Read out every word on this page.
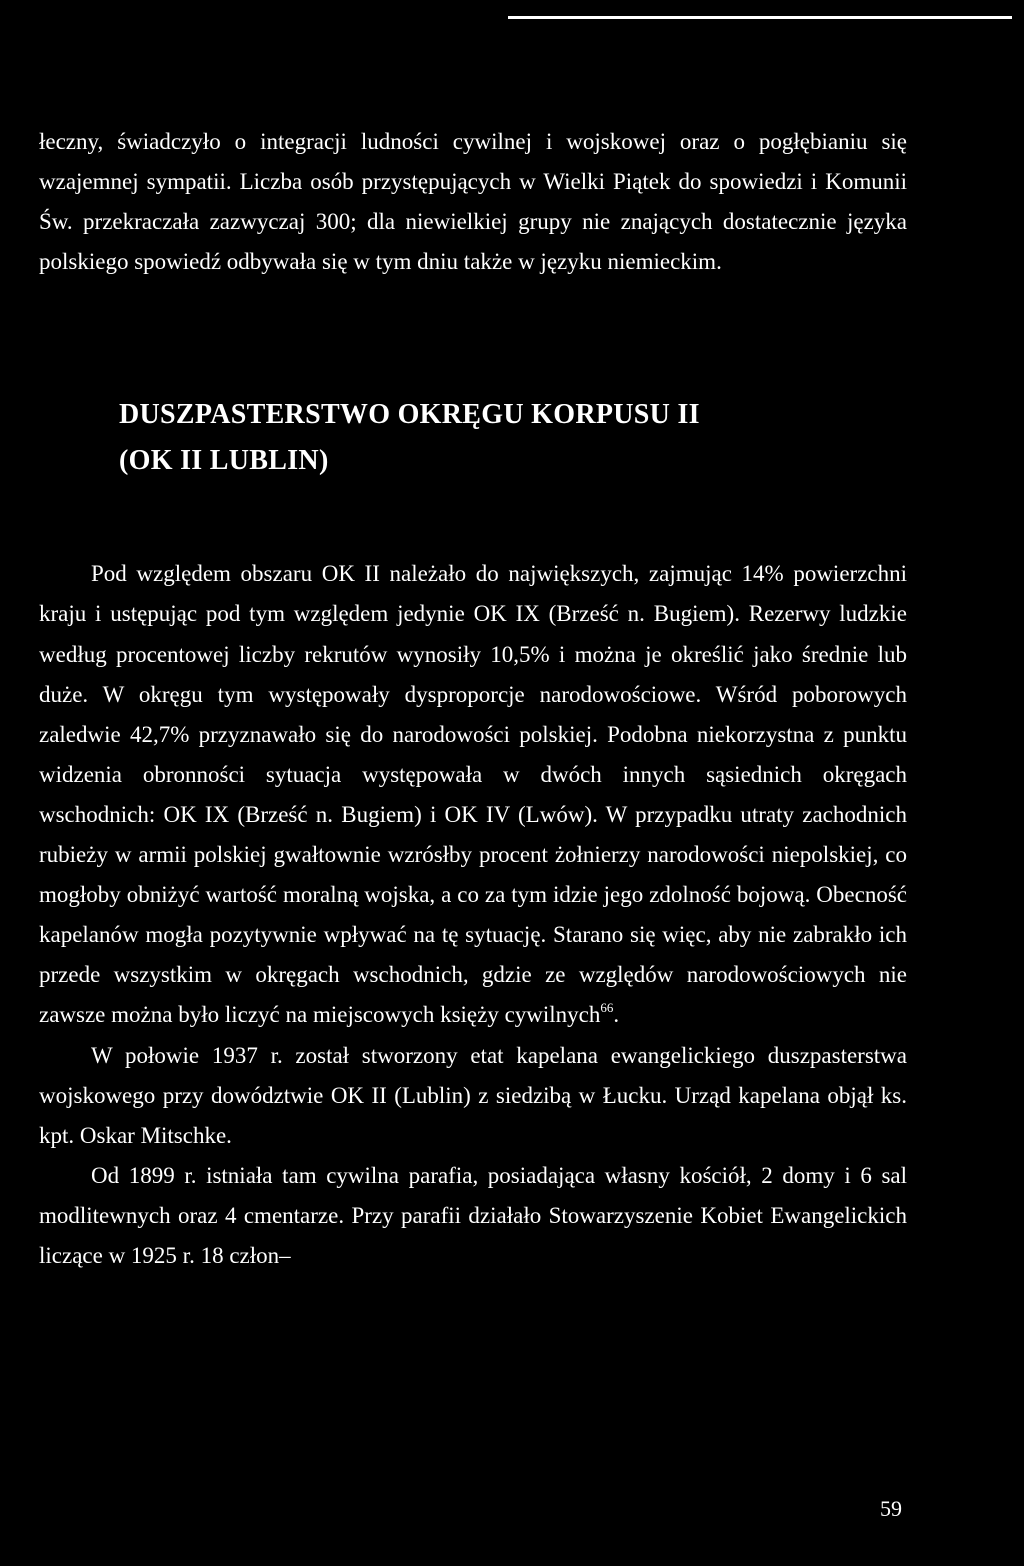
łeczny, świadczyło o integracji ludności cywilnej i wojskowej oraz o pogłębianiu się wzajemnej sympatii. Liczba osób przystępujących w Wielki Piątek do spowiedzi i Komunii Św. przekraczała zazwyczaj 300; dla niewielkiej grupy nie znających dostatecznie języka polskiego spowiedź odbywała się w tym dniu także w języku niemieckim.

DUSZPASTERSTWO OKRĘGU KORPUSU II
(OK II LUBLIN)

Pod względem obszaru OK II należało do największych, zajmując 14% powierzchni kraju i ustępując pod tym względem jedynie OK IX (Brześć n. Bugiem). Rezerwy ludzkie według procentowej liczby rekrutów wynosiły 10,5% i można je określić jako średnie lub duże. W okręgu tym występowały dysproporcje narodowościowe. Wśród poborowych zaledwie 42,7% przyznawało się do narodowości polskiej. Podobna niekorzystna z punktu widzenia obronności sytuacja występowała w dwóch innych sąsiednich okręgach wschodnich: OK IX (Brześć n. Bugiem) i OK IV (Lwów). W przypadku utraty zachodnich rubieży w armii polskiej gwałtownie wzrósłby procent żołnierzy narodowości niepolskiej, co mogłoby obniżyć wartość moralną wojska, a co za tym idzie jego zdolność bojową. Obecność kapelanów mogła pozytywnie wpływać na tę sytuację. Starano się więc, aby nie zabrakło ich przede wszystkim w okręgach wschodnich, gdzie ze względów narodowościowych nie zawsze można było liczyć na miejscowych księży cywilnych$^{66}$.

W połowie 1937 r. został stworzony etat kapelana ewangelickiego duszpasterstwa wojskowego przy dowództwie OK II (Lublin) z siedzibą w Łucku. Urząd kapelana objął ks. kpt. Oskar Mitschke.

Od 1899 r. istniała tam cywilna parafia, posiadająca własny kościół, 2 domy i 6 sal modlitewnych oraz 4 cmentarze. Przy parafii działało Stowarzyszenie Kobiet Ewangelickich liczące w 1925 r. 18 człon–

59
